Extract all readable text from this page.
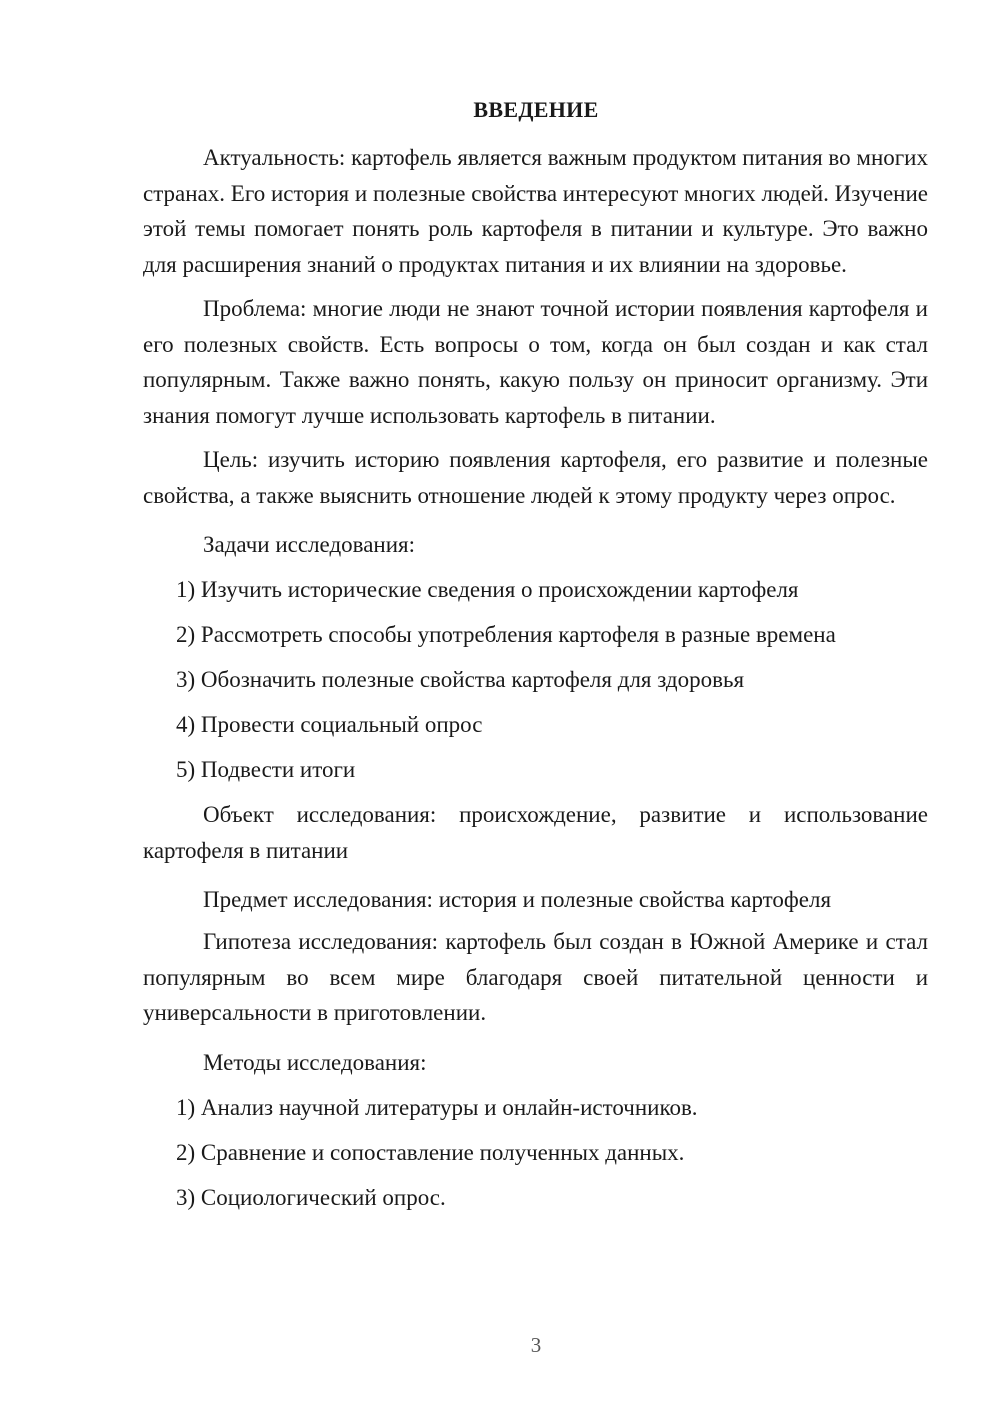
ВВЕДЕНИЕ

Актуальность: картофель является важным продуктом питания во многих странах. Его история и полезные свойства интересуют многих людей. Изучение этой темы помогает понять роль картофеля в питании и культуре. Это важно для расширения знаний о продуктах питания и их влиянии на здоровье.

Проблема: многие люди не знают точной истории появления картофеля и его полезных свойств. Есть вопросы о том, когда он был создан и как стал популярным. Также важно понять, какую пользу он приносит организму. Эти знания помогут лучше использовать картофель в питании.

Цель: изучить историю появления картофеля, его развитие и полезные свойства, а также выяснить отношение людей к этому продукту через опрос.

Задачи исследования:

1) Изучить исторические сведения о происхождении картофеля

2) Рассмотреть способы употребления картофеля в разные времена

3) Обозначить полезные свойства картофеля для здоровья

4) Провести социальный опрос

5) Подвести итоги

Объект исследования: происхождение, развитие и использование картофеля в питании

Предмет исследования: история и полезные свойства картофеля

Гипотеза исследования: картофель был создан в Южной Америке и стал популярным во всем мире благодаря своей питательной ценности и универсальности в приготовлении.

Методы исследования:

1) Анализ научной литературы и онлайн-источников.

2) Сравнение и сопоставление полученных данных.

3) Социологический опрос.

3
